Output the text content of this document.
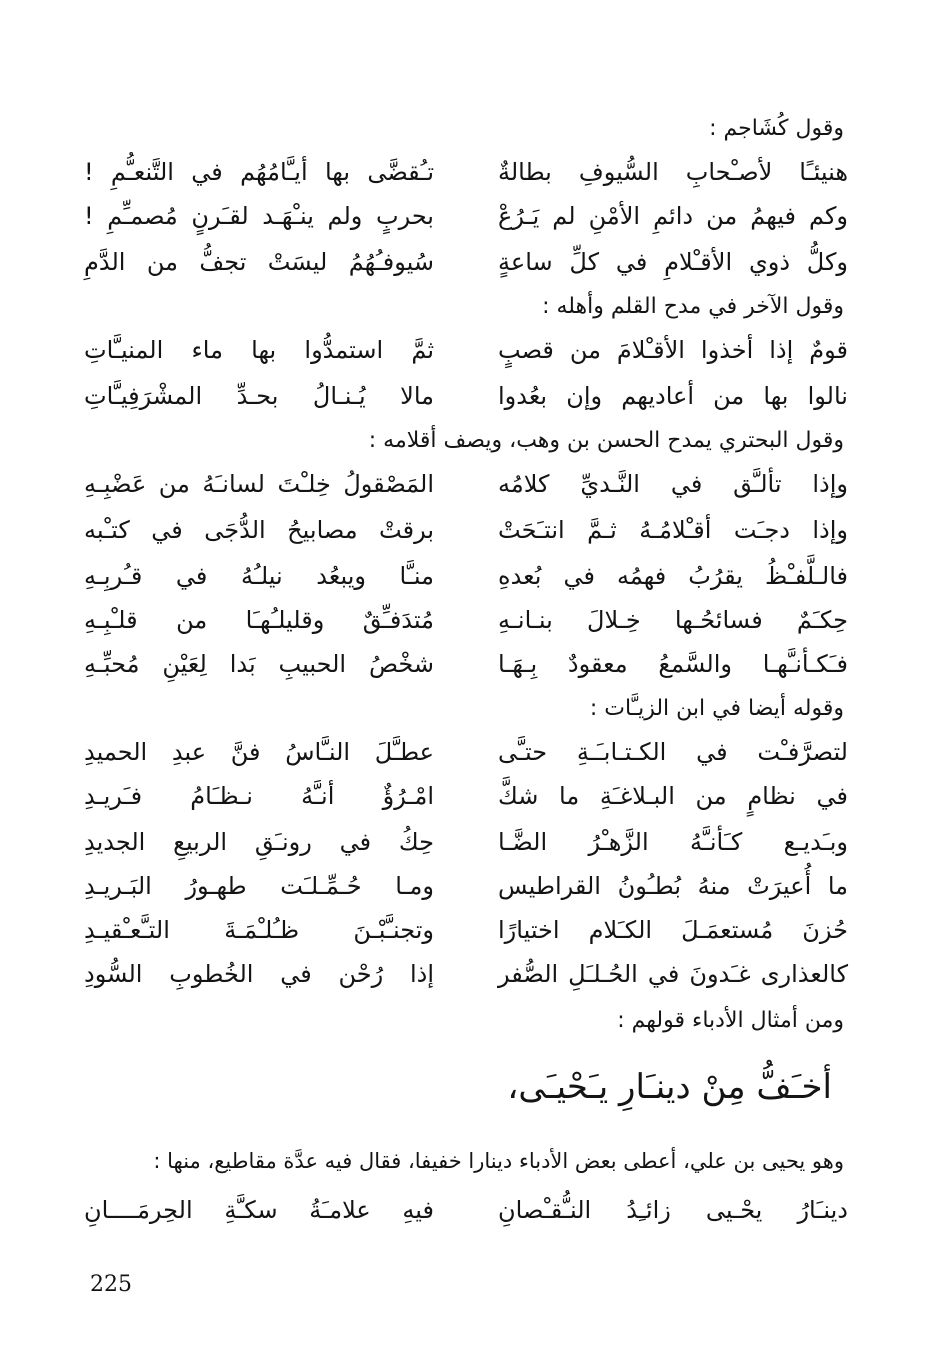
وقول كُشَاجم :
هنيئـًا لأصـْحابِ السُّيوفِ بطالةٌ
تـُقضَّى بها أيـَّامُهُم في التَّنعـُّمِ !
وكم فيهمُ من دائمِ الأمْنِ لم يَـرُعْ
بحربٍ ولم ينـْهَـد لقـَرنٍ مُصمـِّمِ !
وكلُّ ذوي الأقـْلامِ في كلِّ ساعةٍ
سُيوفـُهُمُ ليسَتْ تجفُّ من الدَّمِ
وقول الآخر في مدح القلم وأهله :
قومٌ إذا أخذوا الأقـْلامَ من قصبٍ
ثمَّ استمدُّوا بها ماء المنيـَّاتِ
نالوا بها من أعاديهم وإن بعُدوا
مالا يُـنـالُ بحـدِّ المشْرَفِيـَّاتِ
وقول البحتري يمدح الحسن بن وهب، ويصف أقلامه :
وإذا تألـَّق في النَّـديِّ كلامُه
المَصْقولُ خِلـْتَ لسانـَهُ من عَضْبِـهِ
وإذا دجـَت أقـْلامُـهُ ثـمَّ انتـَحَتْ
برقتْ مصابيحُ الدُّجَى في كتـْبه
فالـلَّفـْظُ يقرُبُ فهمُه في بُعدهِ
منـَّا ويبعُد نيلـُهُ في قـُربِـهِ
حِكـَمٌ فسائحُـها خِـلالَ بنـانـهِ
مُتدَفـِّقٌ وقليلـُهـَا من قلـْبِـهِ
فـَكـأنـَّهـا والسَّمعُ معقودٌ بِـهَـا
شخْصُ الحبيبِ بَدا لِعَيْنِ مُحبِّـهِ
وقوله أيضا في ابن الزيـَّات :
لتصرَّفـْت في الكـتـابـَـةِ حتـَّى
عطـَّلَ النـَّاسُ فنَّ عبدِ الحميدِ
في نظامٍ من البـلاغـَةِ ما شكَّ
امْـرُؤٌ أنـَّهُ نـظـَامُ فـَريـدِ
وبـَديـع كـَأنـَّهُ الزَّهـْرُ الضَّـا
حِكُ في رونـَقِ الربيعِ الجديدِ
ما أُعيرَتْ منهُ بُطـُونُ القراطيس
ومـا حُـمِّـلـَت طهـورُ البَـريـدِ
حُزنَ مُستعمَـلَ الكـَلام اختيارًا
وتجنـَّبْـنَ ظـُلـْمَـةَ التـَّعـْقيـدِ
كالعذارى غـَدونَ في الحُـلـَلِ الصُّفر
إذا رُحْن في الخُطوبِ السُّودِ
ومن أمثال الأدباء قولهم :
أخـَفُّ مِنْ دينـَارِ يـَحْيـَى،
وهو يحيى بن علي، أعطى بعض الأدباء دينارا خفيفا، فقال فيه عدَّة مقاطيع، منها :
دينـَارُ يحْـيى زائـِدُ النـُّقـْصانِ
فيهِ علامـَةُ سكـَّةِ الحِرمَــــانِ
225
